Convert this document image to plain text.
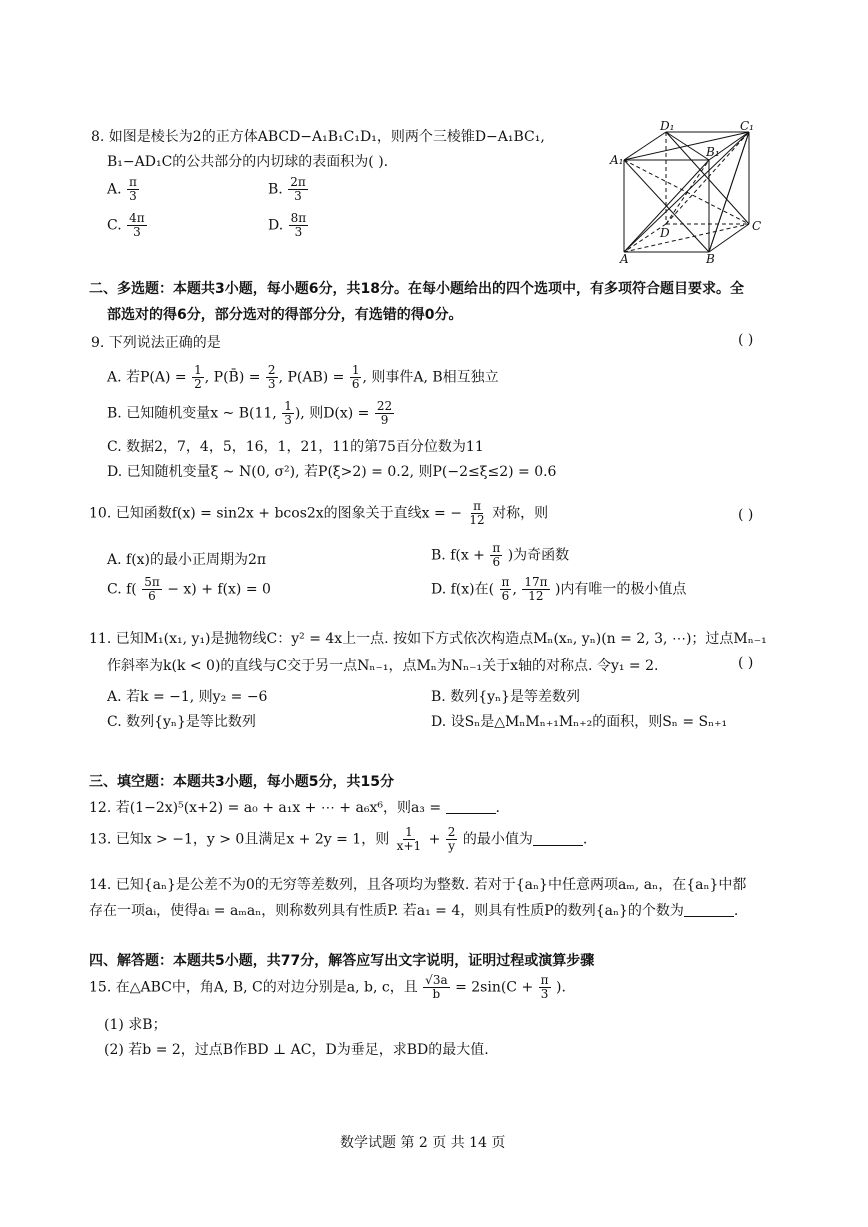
8. 如图是棱长为2的正方体ABCD−A₁B₁C₁D₁，则两个三棱锥D−A₁BC₁,
B₁−AD₁C的公共部分的内切球的表面积为( ).
A. $\frac{\pi}{3}$	B. $\frac{2\pi}{3}$
C. $\frac{4\pi}{3}$	D. $\frac{8\pi}{3}$
D₁	C₁
A₁
B₁
D	C
A	B
二、多选题：本题共3小题，每小题6分，共18分。在每小题给出的四个选项中，有多项符合题目要求。全
部选对的得6分，部分选对的得部分分，有选错的得0分。
9. 下列说法正确的是	( )
A. 若$P(A) = \frac{1}{2}$ , P(B̄) = $\frac{2}{3}$ , $P(AB) = \frac{1}{6}$ , 则事件A, B相互独立
B. 已知随机变量x ~ B(11, $\frac{1}{3}$ ), 则$D(x) = \frac{22}{9}$
C. 数据2，7，4，5，16，1，21，11的第75百分位数为11
D. 已知随机变量ξ ~ N(0, σ²), 若P(ξ>2) = 0.2, 则P(−2≤ξ≤2) = 0.6
10. 已知函数f(x) = sin2x + bcos2x的图象关于直线x = − $\frac{\pi}{12}$ 对称，则	( )
A. f(x)的最小正周期为2π	B. $f(x + \frac{\pi}{6}$ )为奇函数
C. $f( \frac{5\pi}{6} - x) + f(x) = 0$	D. f(x)在( $\frac{\pi}{6}$ , $\frac{17\pi}{12}$ )内有唯一的极小值点
11. 已知M₁(x₁, y₁)是抛物线C：y² = 4x上一点. 按如下方式依次构造点Mₙ(xₙ, yₙ)(n = 2, 3, ⋯)；过点Mₙ₋₁
作斜率为k(k < 0)的直线与C交于另一点Nₙ₋₁，点Mₙ为Nₙ₋₁关于x轴的对称点. 令y₁ = 2.	( )
A. 若k = −1, 则y₂ = −6	B. 数列{yₙ}是等差数列
C. 数列{yₙ}是等比数列	D. 设Sₙ是△MₙMₙ₊₁Mₙ₊₂的面积，则Sₙ = Sₙ₊₁
三、填空题：本题共3小题，每小题5分，共15分
12. 若(1−2x)⁵(x+2) = a₀ + a₁x + ⋯ + a₆x⁶，则a₃ =	.
13. 已知x > −1，y > 0且满足x + 2y = 1，则 $\frac{1}{x+1} + \frac{2}{y}$ 的最小值为	.
14. 已知{aₙ}是公差不为0的无穷等差数列，且各项均为整数. 若对于{aₙ}中任意两项aₘ, aₙ，在{aₙ}中都
存在一项aᵢ，使得aᵢ = aₘaₙ，则称数列具有性质P. 若a₁ = 4，则具有性质P的数列{aₙ}的个数为	.
四、解答题：本题共5小题，共77分，解答应写出文字说明，证明过程或演算步骤
15. 在△ABC中，角A, B, C的对边分别是a, b, c，且 $\frac{√3a}{b} = 2\sin(C + \frac{\pi}{3}$ ).
(1) 求B；
(2) 若b = 2，过点B作BD ⊥ AC，D为垂足，求BD的最大值.
数学试题 第 2 页 共 14 页
